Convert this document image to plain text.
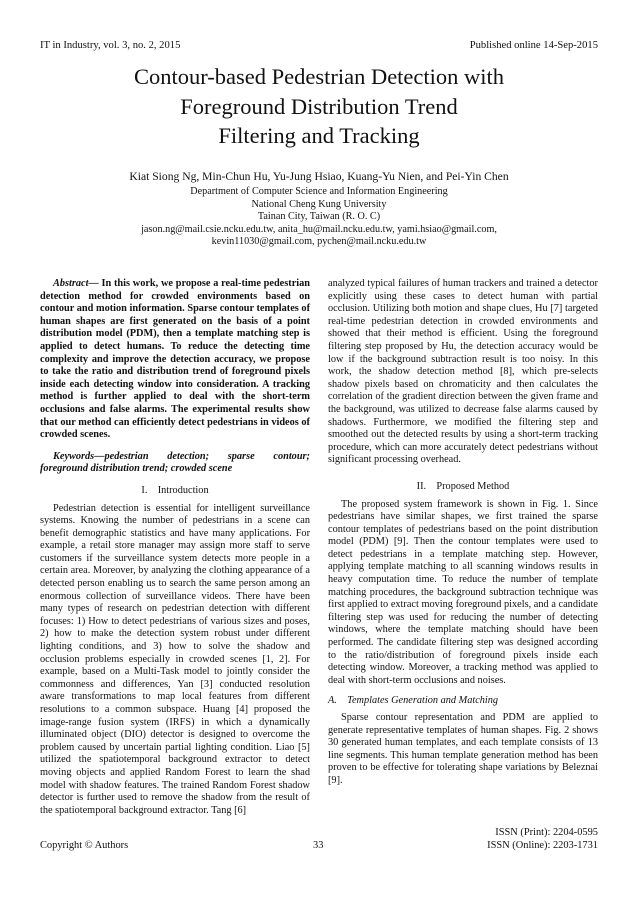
IT in Industry, vol. 3, no. 2, 2015	Published online 14-Sep-2015
Contour-based Pedestrian Detection with
Foreground Distribution Trend
Filtering and Tracking
Kiat Siong Ng, Min-Chun Hu, Yu-Jung Hsiao, Kuang-Yu Nien, and Pei-Yin Chen
Department of Computer Science and Information Engineering
National Cheng Kung University
Tainan City, Taiwan (R. O. C)
jason.ng@mail.csie.ncku.edu.tw, anita_hu@mail.ncku.edu.tw, yami.hsiao@gmail.com,
kevin11030@gmail.com, pychen@mail.ncku.edu.tw

Abstract— In this work, we propose a real-time pedestrian detection method for crowded environments based on contour and motion information. Sparse contour templates of human shapes are first generated on the basis of a point distribution model (PDM), then a template matching step is applied to detect humans. To reduce the detecting time complexity and improve the detection accuracy, we propose to take the ratio and distribution trend of foreground pixels inside each detecting window into consideration. A tracking method is further applied to deal with the short-term occlusions and false alarms. The experimental results show that our method can efficiently detect pedestrians in videos of crowded scenes.

Keywords—pedestrian detection; sparse contour; foreground distribution trend; crowded scene

I. Introduction

Pedestrian detection is essential for intelligent surveillance systems. Knowing the number of pedestrians in a scene can benefit demographic statistics and have many applications. For example, a retail store manager may assign more staff to serve customers if the surveillance system detects more people in a certain area. Moreover, by analyzing the clothing appearance of a detected person enabling us to search the same person among an enormous collection of surveillance videos. There have been many types of research on pedestrian detection with different focuses: 1) How to detect pedestrians of various sizes and poses, 2) how to make the detection system robust under different lighting conditions, and 3) how to solve the shadow and occlusion problems especially in crowded scenes [1, 2]. For example, based on a Multi-Task model to jointly consider the commonness and differences, Yan [3] conducted resolution aware transformations to map local features from different resolutions to a common subspace. Huang [4] proposed the image-range fusion system (IRFS) in which a dynamically illuminated object (DIO) detector is designed to overcome the problem caused by uncertain partial lighting condition. Liao [5] utilized the spatiotemporal background extractor to detect moving objects and applied Random Forest to learn the shad model with shadow features. The trained Random Forest shadow detector is further used to remove the shadow from the result of the spatiotemporal background extractor. Tang [6]

analyzed typical failures of human trackers and trained a detector explicitly using these cases to detect human with partial occlusion. Utilizing both motion and shape clues, Hu [7] targeted real-time pedestrian detection in crowded environments and showed that their method is efficient. Using the foreground filtering step proposed by Hu, the detection accuracy would be low if the background subtraction result is too noisy. In this work, the shadow detection method [8], which pre-selects shadow pixels based on chromaticity and then calculates the correlation of the gradient direction between the given frame and the background, was utilized to decrease false alarms caused by shadows. Furthermore, we modified the filtering step and smoothed out the detected results by using a short-term tracking procedure, which can more accurately detect pedestrians without significant processing overhead.

II. Proposed Method

The proposed system framework is shown in Fig. 1. Since pedestrians have similar shapes, we first trained the sparse contour templates of pedestrians based on the point distribution model (PDM) [9]. Then the contour templates were used to detect pedestrians in a template matching step. However, applying template matching to all scanning windows results in heavy computation time. To reduce the number of template matching procedures, the background subtraction technique was first applied to extract moving foreground pixels, and a candidate filtering step was used for reducing the number of detecting windows, where the template matching should have been performed. The candidate filtering step was designed according to the ratio/distribution of foreground pixels inside each detecting window. Moreover, a tracking method was applied to deal with short-term occlusions and noises.

A. Templates Generation and Matching

Sparse contour representation and PDM are applied to generate representative templates of human shapes. Fig. 2 shows 30 generated human templates, and each template consists of 13 line segments. This human template generation method has been proven to be effective for tolerating shape variations by Beleznai [9].

ISSN (Print): 2204-0595
ISSN (Online): 2203-1731
Copyright © Authors	33
